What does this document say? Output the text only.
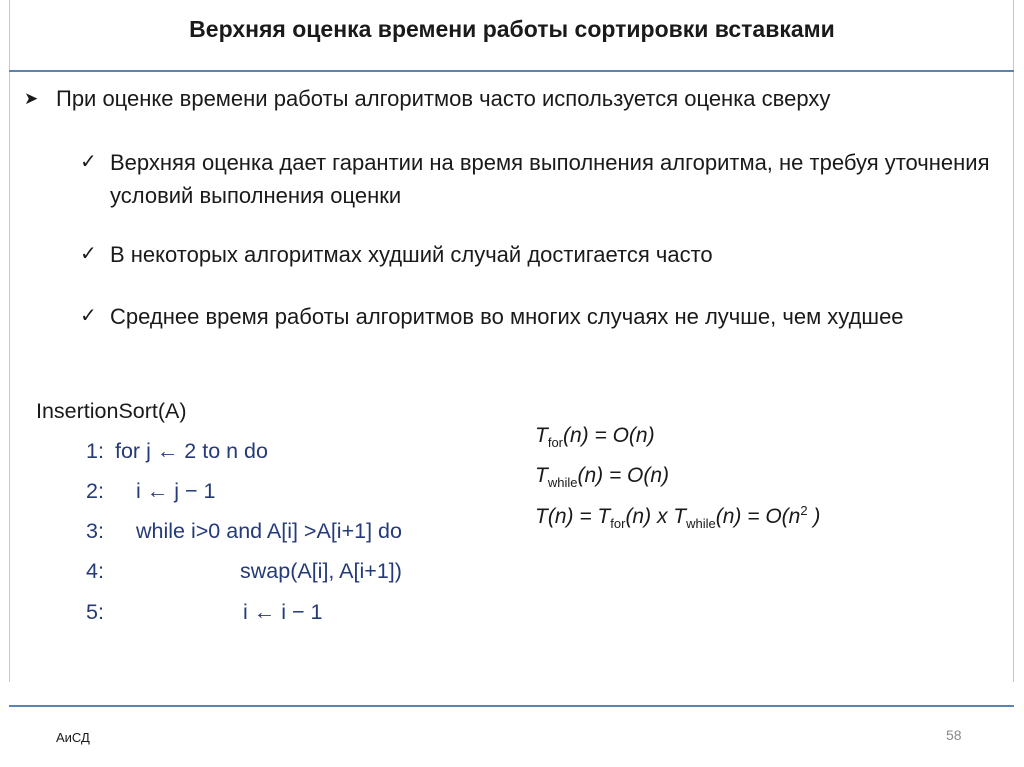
Верхняя оценка времени работы сортировки вставками
➤ При оценке времени работы алгоритмов часто используется оценка сверху
✓ Верхняя оценка дает гарантии на время выполнения алгоритма, не требуя уточнения условий выполнения оценки
✓ В некоторых алгоритмах худший случай достигается часто
✓ Среднее время работы алгоритмов во многих случаях не лучше, чем худшее
InsertionSort(A)
1: for j ← 2 to n do
2: i ← j − 1
3: while i>0 and A[i] >A[i+1] do
4:	swap(A[i], A[i+1])
5:	i ← i − 1
$T_{for}(n) = O(n)$
$T_{while}(n) = O(n)$
$T(n) = T_{for}(n)$ x $T_{while}(n) = O(n^2$ )
АиСД	58
